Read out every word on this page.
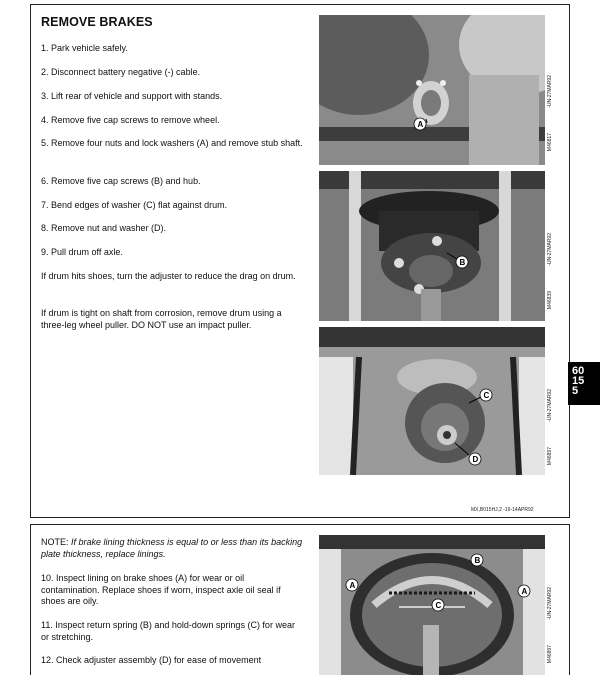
REMOVE BRAKES
1. Park vehicle safely.
2. Disconnect battery negative (-) cable.
3. Lift rear of vehicle and support with stands.
4. Remove five cap screws to remove wheel.
5. Remove four nuts and lock washers (A) and remove stub shaft.
6. Remove five cap screws (B) and hub.
7. Bend edges of washer (C) flat against drum.
8. Remove nut and washer (D).
9. Pull drum off axle.
If drum hits shoes, turn the adjuster to reduce the drag on drum.
If drum is tight on shaft from corrosion, remove drum using a three-leg wheel puller. DO NOT use an impact puller.
A
-UN-27MAR92
M46817
B	-UN-27MAR92
M46839
C
D
-UN-27MAR92
M46897
MX,B015HJ,2 -19-14APR92
60
15
5
NOTE: If brake lining thickness is equal to or less than its backing plate thickness, replace linings.
10. Inspect lining on brake shoes (A) for wear or oil contamination. Replace shoes if worn, inspect axle oil seal if shoes are oily.
11. Inspect return spring (B) and hold-down springs (C) for wear or stretching.
12. Check adjuster assembly (D) for ease of movement
A
B
C
A	-UN-27MAR92
M46897
